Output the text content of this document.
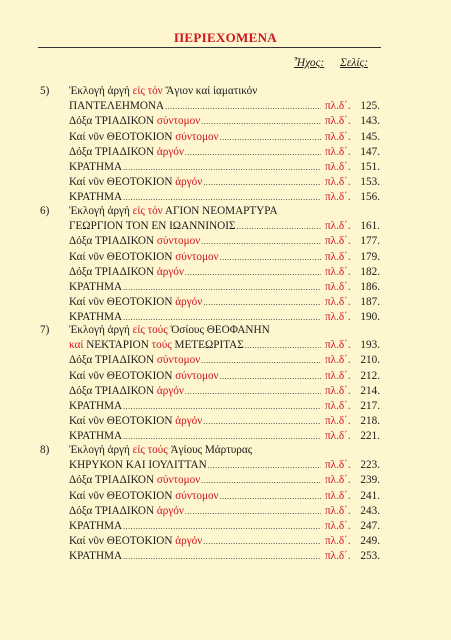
ΠΕΡΙΕΧΟΜΕΝΑ
Ἦχος: Σελίς:
5) Ἐκλογή ἀργή εἰς τόν Ἅγιον καί ἰαματικόν
ΠΑΝΤΕΛΕΗΜΟΝΑ .....	πλ.δ΄. 125.
Δόξα ΤΡΙΑΔΙΚΟΝ σύντομον .....	πλ.δ΄. 143.
Καί νῦν ΘΕΟΤΟΚΙΟΝ σύντομον .....	πλ.δ΄. 145.
Δόξα ΤΡΙΑΔΙΚΟΝ ἀργόν .....	πλ.δ΄. 147.
ΚΡΑΤΗΜΑ .....	πλ.δ΄. 151.
Καί νῦν ΘΕΟΤΟΚΙΟΝ ἀργόν .....	πλ.δ΄. 153.
ΚΡΑΤΗΜΑ .....	πλ.δ΄. 156.
6) Ἐκλογή ἀργή εἰς τόν ΑΓΙΟΝ ΝΕΟΜΑΡΤΥΡΑ
ΓΕΩΡΓΙΟΝ ΤΟΝ ΕΝ ΙΩΑΝΝΙΝΟΙΣ .....	πλ.δ΄. 161.
Δόξα ΤΡΙΑΔΙΚΟΝ σύντομον .....	πλ.δ΄. 177.
Καί νῦν ΘΕΟΤΟΚΙΟΝ σύντομον .....	πλ.δ΄. 179.
Δόξα ΤΡΙΑΔΙΚΟΝ ἀργόν .....	πλ.δ΄. 182.
ΚΡΑΤΗΜΑ .....	πλ.δ΄. 186.
Καί νῦν ΘΕΟΤΟΚΙΟΝ ἀργόν .....	πλ.δ΄. 187.
ΚΡΑΤΗΜΑ .....	πλ.δ΄. 190.
7) Ἐκλογή ἀργή εἰς τούς Ὁσίους ΘΕΟΦΑΝΗΝ
καί ΝΕΚΤΑΡΙΟΝ τούς ΜΕΤΕΩΡΙΤΑΣ .....	πλ.δ΄. 193.
Δόξα ΤΡΙΑΔΙΚΟΝ σύντομον .....	πλ.δ΄. 210.
Καί νῦν ΘΕΟΤΟΚΙΟΝ σύντομον .....	πλ.δ΄. 212.
Δόξα ΤΡΙΑΔΙΚΟΝ ἀργόν .....	πλ.δ΄. 214.
ΚΡΑΤΗΜΑ .....	πλ.δ΄. 217.
Καί νῦν ΘΕΟΤΟΚΙΟΝ ἀργόν .....	πλ.δ΄. 218.
ΚΡΑΤΗΜΑ .....	πλ.δ΄. 221.
8) Ἐκλογή ἀργή εἰς τούς Ἁγίους Μάρτυρας
ΚΗΡΥΚΟΝ ΚΑΙ ΙΟΥΛΙΤΤΑΝ .....	πλ.δ΄. 223.
Δόξα ΤΡΙΑΔΙΚΟΝ σύντομον .....	πλ.δ΄. 239.
Καί νῦν ΘΕΟΤΟΚΙΟΝ σύντομον .....	πλ.δ΄. 241.
Δόξα ΤΡΙΑΔΙΚΟΝ ἀργόν .....	πλ.δ΄. 243.
ΚΡΑΤΗΜΑ .....	πλ.δ΄. 247.
Καί νῦν ΘΕΟΤΟΚΙΟΝ ἀργόν .....	πλ.δ΄. 249.
ΚΡΑΤΗΜΑ .....	πλ.δ΄. 253.
